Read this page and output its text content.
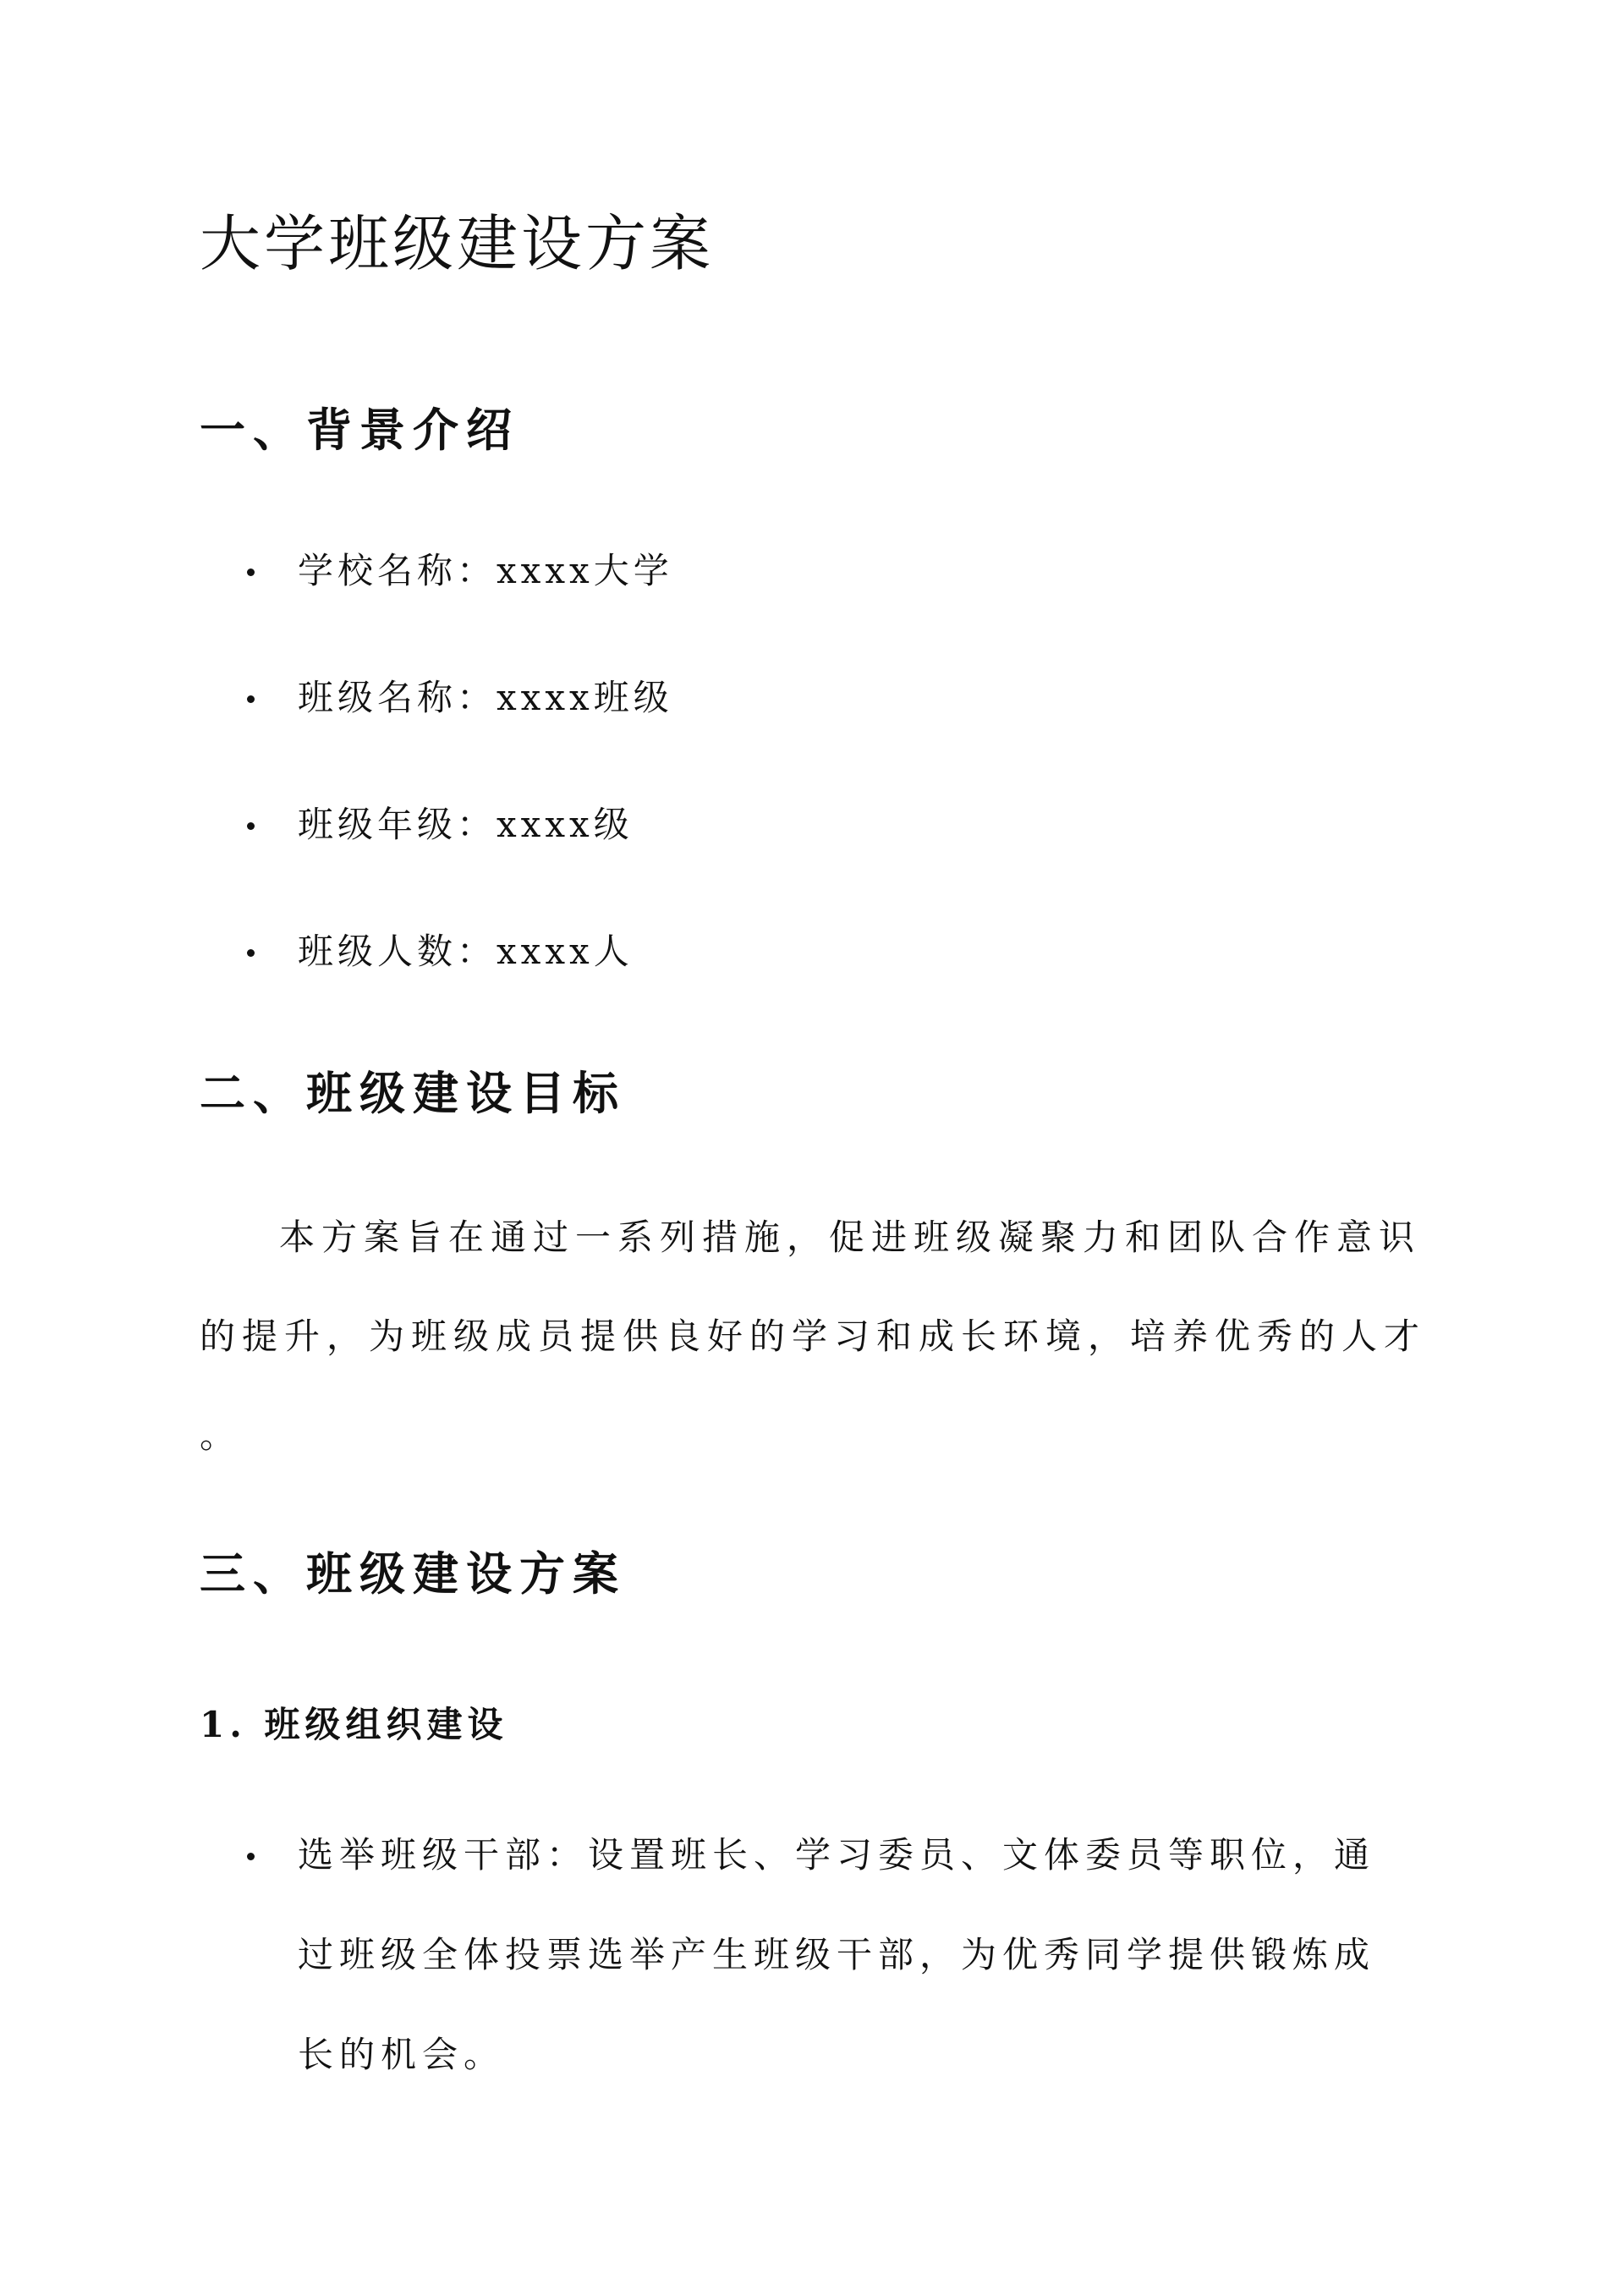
大学班级建设方案
一、背景介绍
学校名称：xxxx大学
班级名称：xxxx班级
班级年级：xxxx级
班级人数：xxxx人
二、班级建设目标
本方案旨在通过一系列措施，促进班级凝聚力和团队合作意识
的提升，为班级成员提供良好的学习和成长环境，培养优秀的人才
。
三、班级建设方案
1. 班级组织建设
选举班级干部：设置班长、学习委员、文体委员等职位，通
过班级全体投票选举产生班级干部，为优秀同学提供锻炼成
长的机会。
